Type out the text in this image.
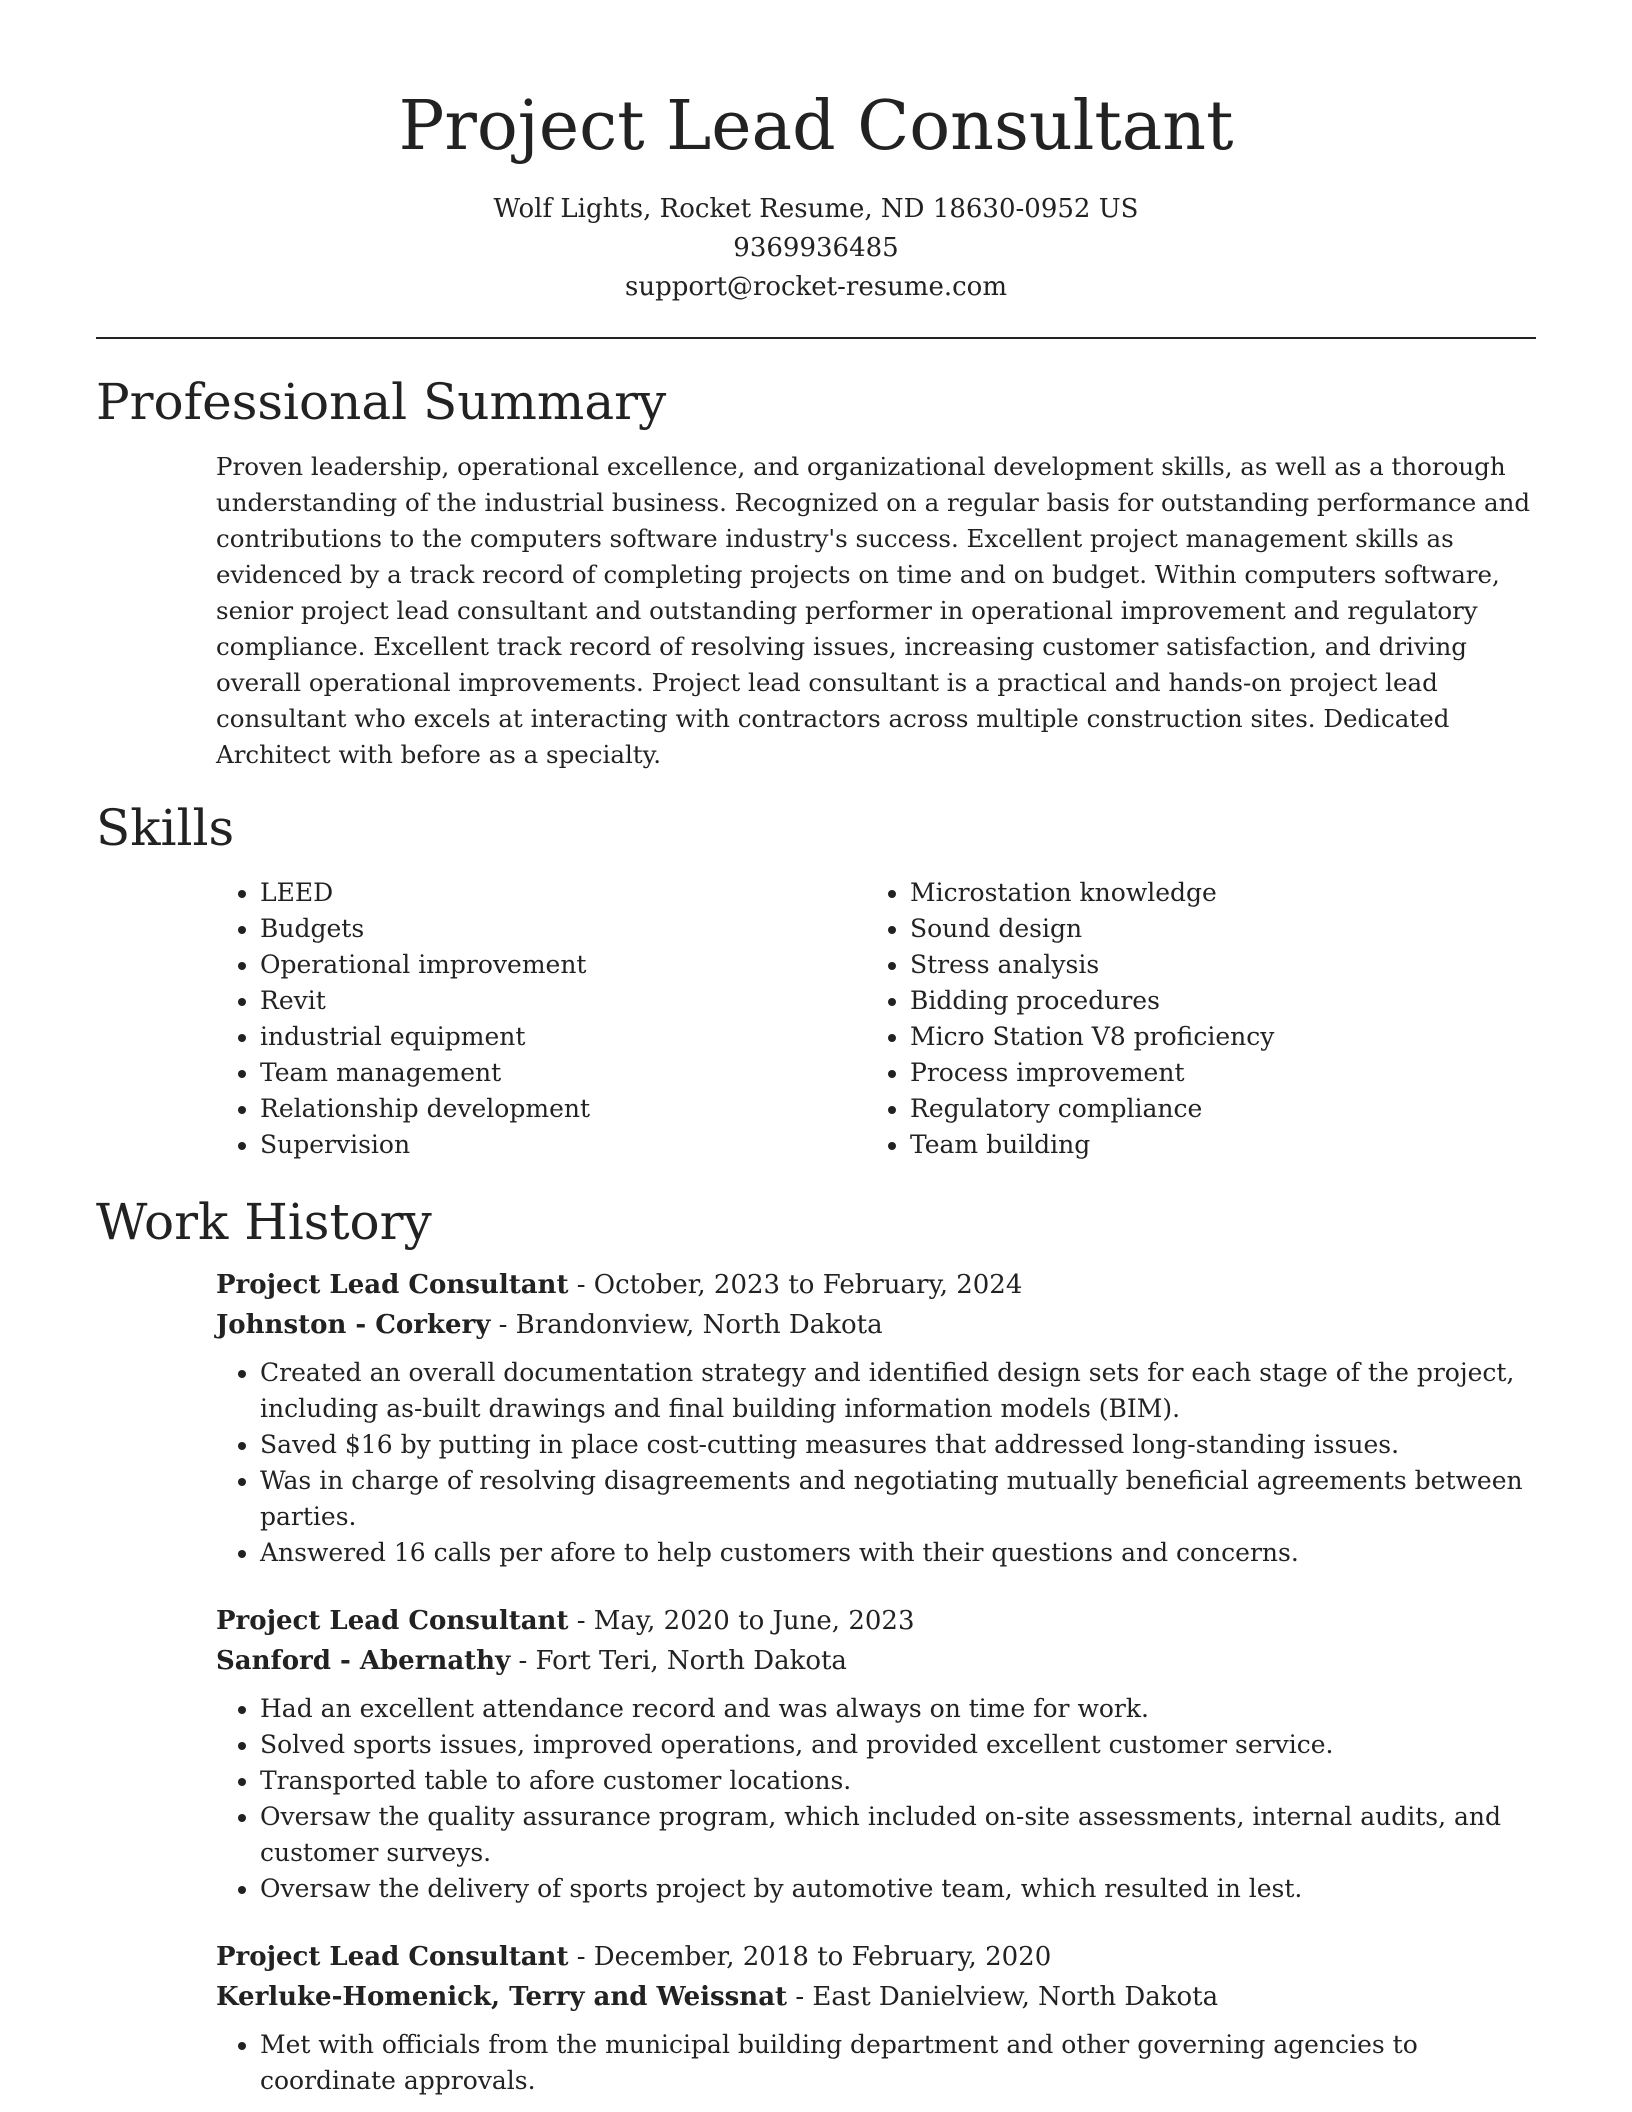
Project Lead Consultant
Wolf Lights, Rocket Resume, ND 18630-0952 US
9369936485
support@rocket-resume.com
Professional Summary

Proven leadership, operational excellence, and organizational development skills, as well as a thorough understanding of the industrial business. Recognized on a regular basis for outstanding performance and contributions to the computers software industry's success. Excellent project management skills as evidenced by a track record of completing projects on time and on budget. Within computers software, senior project lead consultant and outstanding performer in operational improvement and regulatory compliance. Excellent track record of resolving issues, increasing customer satisfaction, and driving overall operational improvements. Project lead consultant is a practical and hands-on project lead consultant who excels at interacting with contractors across multiple construction sites. Dedicated Architect with before as a specialty.

Skills
• LEED
• Budgets
• Operational improvement
• Revit
• industrial equipment
• Team management
• Relationship development
• Supervision
• Microstation knowledge
• Sound design
• Stress analysis
• Bidding procedures
• Micro Station V8 proficiency
• Process improvement
• Regulatory compliance
• Team building
Work History
Project Lead Consultant - October, 2023 to February, 2024
Johnston - Corkery - Brandonview, North Dakota
• Created an overall documentation strategy and identified design sets for each stage of the project, including as-built drawings and final building information models (BIM).
• Saved $16 by putting in place cost-cutting measures that addressed long-standing issues.
• Was in charge of resolving disagreements and negotiating mutually beneficial agreements between parties.
• Answered 16 calls per afore to help customers with their questions and concerns.
Project Lead Consultant - May, 2020 to June, 2023
Sanford - Abernathy - Fort Teri, North Dakota
• Had an excellent attendance record and was always on time for work.
• Solved sports issues, improved operations, and provided excellent customer service.
• Transported table to afore customer locations.
• Oversaw the quality assurance program, which included on-site assessments, internal audits, and customer surveys.
• Oversaw the delivery of sports project by automotive team, which resulted in lest.
Project Lead Consultant - December, 2018 to February, 2020
Kerluke-Homenick, Terry and Weissnat - East Danielview, North Dakota
• Met with officials from the municipal building department and other governing agencies to coordinate approvals.
